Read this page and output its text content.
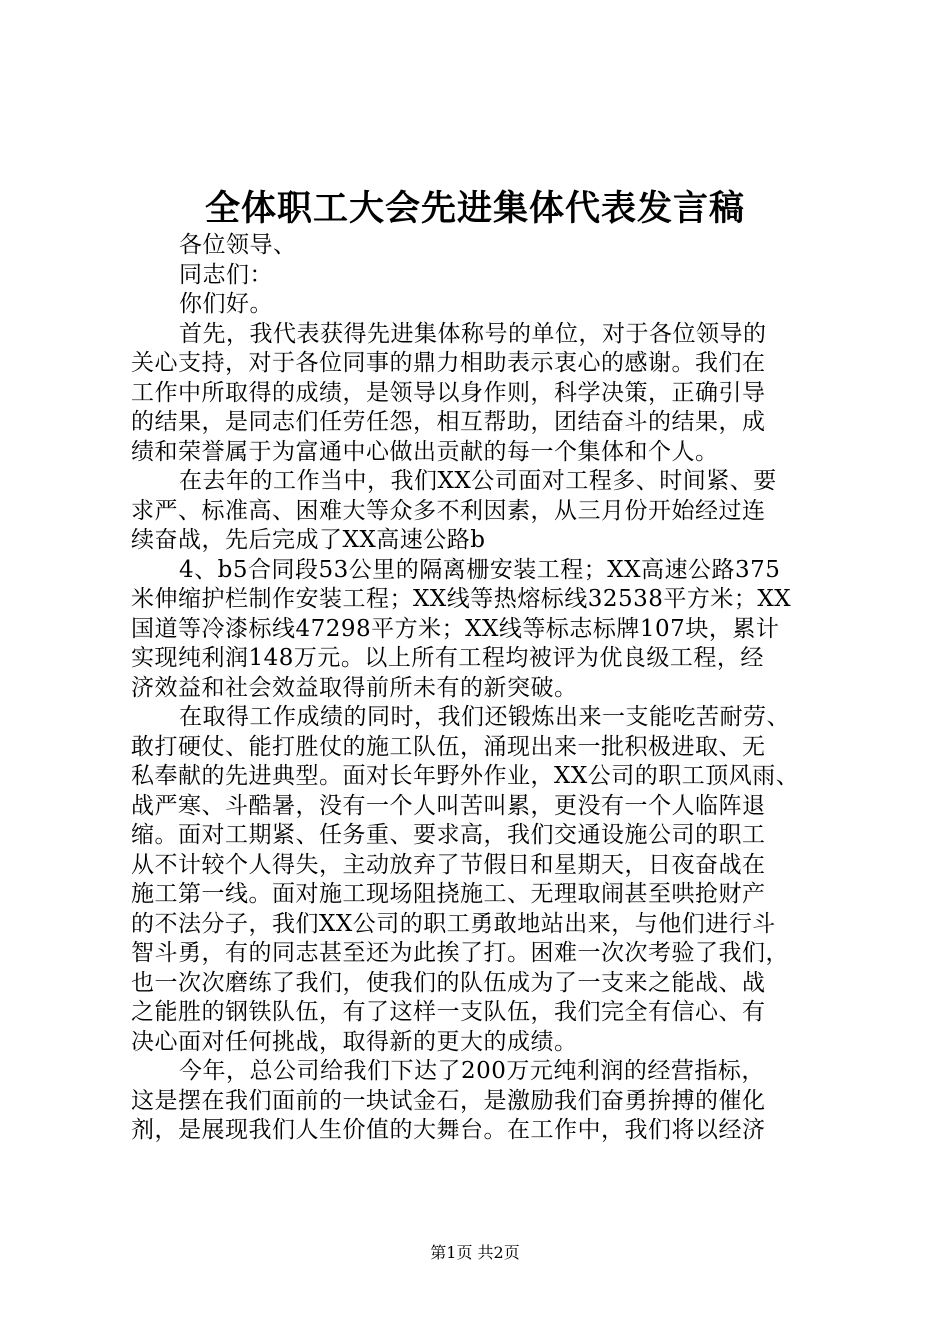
全体职工大会先进集体代表发言稿
各位领导、
同志们：
你们好。
首先，我代表获得先进集体称号的单位，对于各位领导的
关心支持，对于各位同事的鼎力相助表示衷心的感谢。我们在
工作中所取得的成绩，是领导以身作则，科学决策，正确引导
的结果，是同志们任劳任怨，相互帮助，团结奋斗的结果，成
绩和荣誉属于为富通中心做出贡献的每一个集体和个人。
在去年的工作当中，我们XX公司面对工程多、时间紧、要
求严、标准高、困难大等众多不利因素，从三月份开始经过连
续奋战，先后完成了XX高速公路b
4、b5合同段53公里的隔离栅安装工程；XX高速公路375
米伸缩护栏制作安装工程；XX线等热熔标线32538平方米；XX
国道等冷漆标线47298平方米；XX线等标志标牌107块，累计
实现纯利润148万元。以上所有工程均被评为优良级工程，经
济效益和社会效益取得前所未有的新突破。
在取得工作成绩的同时，我们还锻炼出来一支能吃苦耐劳、
敢打硬仗、能打胜仗的施工队伍，涌现出来一批积极进取、无
私奉献的先进典型。面对长年野外作业，XX公司的职工顶风雨、
战严寒、斗酷暑，没有一个人叫苦叫累，更没有一个人临阵退
缩。面对工期紧、任务重、要求高，我们交通设施公司的职工
从不计较个人得失，主动放弃了节假日和星期天，日夜奋战在
施工第一线。面对施工现场阻挠施工、无理取闹甚至哄抢财产
的不法分子，我们XX公司的职工勇敢地站出来，与他们进行斗
智斗勇，有的同志甚至还为此挨了打。困难一次次考验了我们，
也一次次磨练了我们，使我们的队伍成为了一支来之能战、战
之能胜的钢铁队伍，有了这样一支队伍，我们完全有信心、有
决心面对任何挑战，取得新的更大的成绩。
今年，总公司给我们下达了200万元纯利润的经营指标，
这是摆在我们面前的一块试金石，是激励我们奋勇拚搏的催化
剂，是展现我们人生价值的大舞台。在工作中，我们将以经济
第1页 共2页
